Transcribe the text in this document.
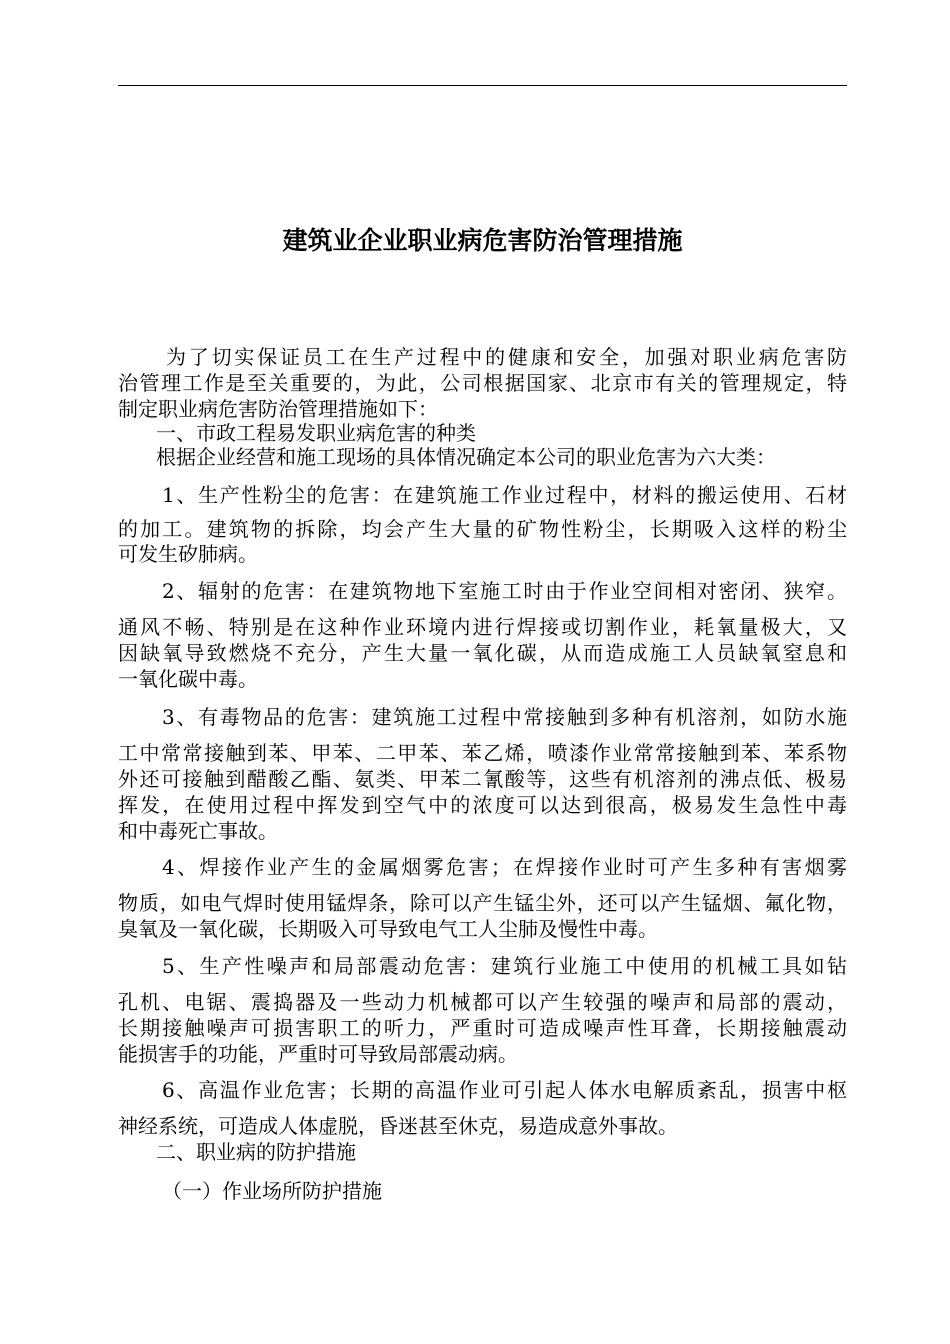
建筑业企业职业病危害防治管理措施
为了切实保证员工在生产过程中的健康和安全，加强对职业病危害防
治管理工作是至关重要的，为此，公司根据国家、北京市有关的管理规定，特
制定职业病危害防治管理措施如下：
一、市政工程易发职业病危害的种类
根据企业经营和施工现场的具体情况确定本公司的职业危害为六大类：
1、生产性粉尘的危害：在建筑施工作业过程中，材料的搬运使用、石材
的加工。建筑物的拆除，均会产生大量的矿物性粉尘，长期吸入这样的粉尘
可发生矽肺病。
2、辐射的危害：在建筑物地下室施工时由于作业空间相对密闭、狭窄。
通风不畅、特别是在这种作业环境内进行焊接或切割作业，耗氧量极大，又
因缺氧导致燃烧不充分，产生大量一氧化碳，从而造成施工人员缺氧窒息和
一氧化碳中毒。
3、有毒物品的危害：建筑施工过程中常接触到多种有机溶剂，如防水施
工中常常接触到苯、甲苯、二甲苯、苯乙烯，喷漆作业常常接触到苯、苯系物
外还可接触到醋酸乙酯、氨类、甲苯二氰酸等，这些有机溶剂的沸点低、极易
挥发，在使用过程中挥发到空气中的浓度可以达到很高，极易发生急性中毒
和中毒死亡事故。
4、焊接作业产生的金属烟雾危害；在焊接作业时可产生多种有害烟雾
物质，如电气焊时使用锰焊条，除可以产生锰尘外，还可以产生锰烟、氟化物，
臭氧及一氧化碳，长期吸入可导致电气工人尘肺及慢性中毒。
5、生产性噪声和局部震动危害：建筑行业施工中使用的机械工具如钻
孔机、电锯、震捣器及一些动力机械都可以产生较强的噪声和局部的震动，
长期接触噪声可损害职工的听力，严重时可造成噪声性耳聋，长期接触震动
能损害手的功能，严重时可导致局部震动病。
6、高温作业危害；长期的高温作业可引起人体水电解质紊乱，损害中枢
神经系统，可造成人体虚脱，昏迷甚至休克，易造成意外事故。
二、职业病的防护措施
（一）作业场所防护措施
